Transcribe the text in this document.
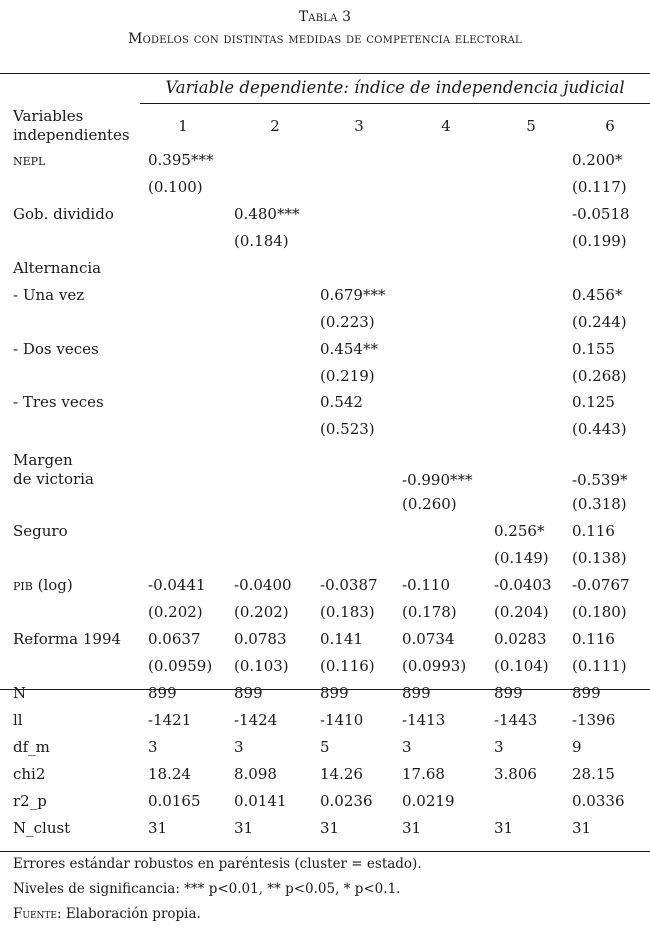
Tabla 3
Modelos con distintas medidas de competencia electoral
Variable dependiente: índice de independencia judicial
Variables
independientes	1	2	3	4	5	6
nepl	0.395***					0.200*
	(0.100)					(0.117)
Gob. dividido		0.480***				-0.0518
		(0.184)				(0.199)
Alternancia						
- Una vez			0.679***			0.456*
			(0.223)			(0.244)
- Dos veces			0.454**			0.155
			(0.219)			(0.268)
- Tres veces			0.542			0.125
			(0.523)			(0.443)
Margen
de victoria				-0.990***		-0.539*
				(0.260)		(0.318)
Seguro					0.256*	0.116
					(0.149)	(0.138)
pib (log)	-0.0441	-0.0400	-0.0387	-0.110	-0.0403	-0.0767
	(0.202)	(0.202)	(0.183)	(0.178)	(0.204)	(0.180)
Reforma 1994	0.0637	0.0783	0.141	0.0734	0.0283	0.116
	(0.0959)	(0.103)	(0.116)	(0.0993)	(0.104)	(0.111)
N	899	899	899	899	899	899
ll	-1421	-1424	-1410	-1413	-1443	-1396
df_m	3	3	5	3	3	9
chi2	18.24	8.098	14.26	17.68	3.806	28.15
r2_p	0.0165	0.0141	0.0236	0.0219		0.0336
N_clust	31	31	31	31	31	31
Errores estándar robustos en paréntesis (cluster = estado).
Niveles de significancia: *** p<0.01, ** p<0.05, * p<0.1.
Fuente: Elaboración propia.
